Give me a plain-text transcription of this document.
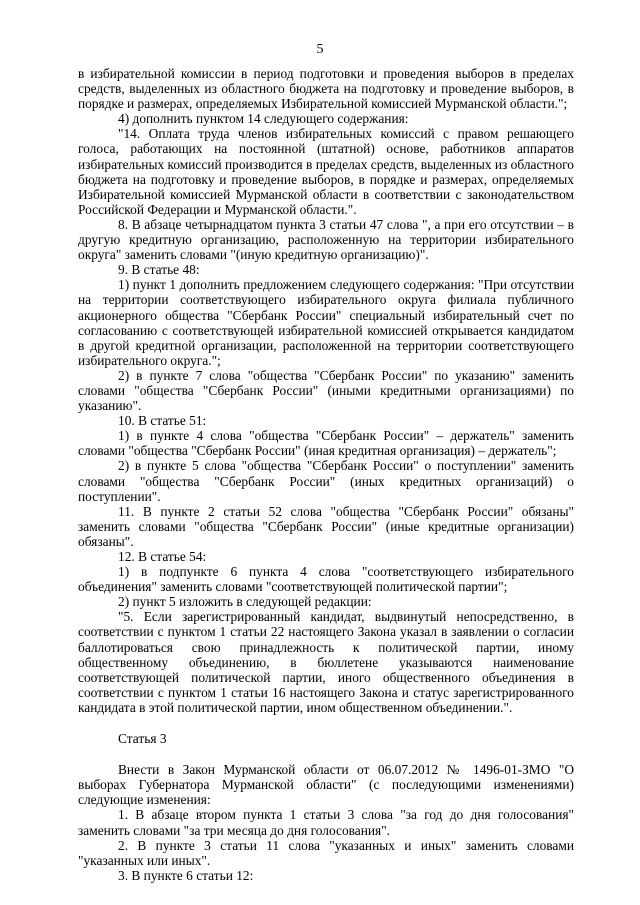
5

в избирательной комиссии в период подготовки и проведения выборов в пределах средств, выделенных из областного бюджета на подготовку и проведение выборов, в порядке и размерах, определяемых Избирательной комиссией Мурманской области.";

4) дополнить пунктом 14 следующего содержания:

"14. Оплата труда членов избирательных комиссий с правом решающего голоса, работающих на постоянной (штатной) основе, работников аппаратов избирательных комиссий производится в пределах средств, выделенных из областного бюджета на подготовку и проведение выборов, в порядке и размерах, определяемых Избирательной комиссией Мурманской области в соответствии с законодательством Российской Федерации и Мурманской области.".

8. В абзаце четырнадцатом пункта 3 статьи 47 слова ", а при его отсутствии – в другую кредитную организацию, расположенную на территории избирательного округа" заменить словами "(иную кредитную организацию)".

9. В статье 48:

1) пункт 1 дополнить предложением следующего содержания: "При отсутствии на территории соответствующего избирательного округа филиала публичного акционерного общества "Сбербанк России" специальный избирательный счет по согласованию с соответствующей избирательной комиссией открывается кандидатом в другой кредитной организации, расположенной на территории соответствующего избирательного округа.";

2) в пункте 7 слова "общества "Сбербанк России" по указанию" заменить словами "общества "Сбербанк России" (иными кредитными организациями) по указанию".

10. В статье 51:

1) в пункте 4 слова "общества "Сбербанк России" – держатель" заменить словами "общества "Сбербанк России" (иная кредитная организация) – держатель";

2) в пункте 5 слова "общества "Сбербанк России" о поступлении" заменить словами "общества "Сбербанк России" (иных кредитных организаций) о поступлении".

11. В пункте 2 статьи 52 слова "общества "Сбербанк России" обязаны" заменить словами "общества "Сбербанк России" (иные кредитные организации) обязаны".

12. В статье 54:

1) в подпункте 6 пункта 4 слова "соответствующего избирательного объединения" заменить словами "соответствующей политической партии";

2) пункт 5 изложить в следующей редакции:

"5. Если зарегистрированный кандидат, выдвинутый непосредственно, в соответствии с пунктом 1 статьи 22 настоящего Закона указал в заявлении о согласии баллотироваться свою принадлежность к политической партии, иному общественному объединению, в бюллетене указываются наименование соответствующей политической партии, иного общественного объединения в соответствии с пунктом 1 статьи 16 настоящего Закона и статус зарегистрированного кандидата в этой политической партии, ином общественном объединении.".

Статья 3

Внести в Закон Мурманской области от 06.07.2012 № 1496-01-ЗМО "О выборах Губернатора Мурманской области" (с последующими изменениями) следующие изменения:

1. В абзаце втором пункта 1 статьи 3 слова "за год до дня голосования" заменить словами "за три месяца до дня голосования".

2. В пункте 3 статьи 11 слова "указанных и иных" заменить словами "указанных или иных".

3. В пункте 6 статьи 12:
